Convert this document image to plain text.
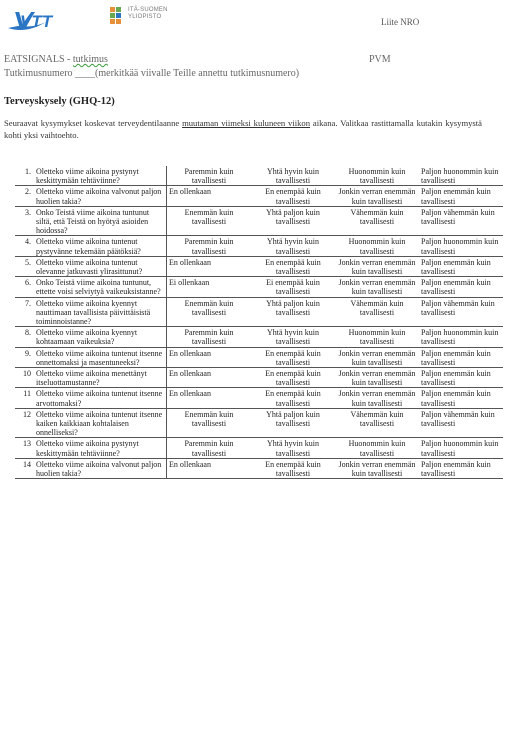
VTT
ITÄ-SUOMEN YLIOPISTO	Liite NRO
EATSIGNALS - tutkimus	PVM
Tutkimusnumero ____(merkitkää viivalle Teille annettu tutkimusnumero)
Terveyskysely (GHQ-12)
Seuraavat kysymykset koskevat terveydentilaanne muutaman viimeksi kuluneen viikon aikana. Valitkaa rastittamalla kutakin kysymystä kohti yksi vaihtoehto.
1.	Oletteko viime aikoina pystynyt keskittymään tehtäviinne?	Paremmin kuin tavallisesti	Yhtä hyvin kuin tavallisesti	Huonommin kuin tavallisesti	Paljon huonommin kuin tavallisesti
2.	Oletteko viime aikoina valvonut paljon huolien takia?	En ollenkaan	En enempää kuin tavallisesti	Jonkin verran enemmän kuin tavallisesti	Paljon enemmän kuin tavallisesti
3.	Onko Teistä viime aikoina tuntunut siltä, että Teistä on hyötyä asioiden hoidossa?	Enemmän kuin tavallisesti	Yhtä paljon kuin tavallisesti	Vähemmän kuin tavallisesti	Paljon vähemmän kuin tavallisesti
4.	Oletteko viime aikoina tuntenut pystyvänne tekemään päätöksiä?	Paremmin kuin tavallisesti	Yhtä hyvin kuin tavallisesti	Huonommin kuin tavallisesti	Paljon huonommin kuin tavallisesti
5.	Oletteko viime aikoina tuntenut olevanne jatkuvasti ylirasittunut?	En ollenkaan	En enempää kuin tavallisesti	Jonkin verran enemmän kuin tavallisesti	Paljon enemmän kuin tavallisesti
6.	Onko Teistä viime aikoina tuntunut, ettette voisi selviytyä vaikeuksistanne?	Ei ollenkaan	Ei enempää kuin tavallisesti	Jonkin verran enemmän kuin tavallisesti	Paljon enemmän kuin tavallisesti
7.	Oletteko viime aikoina kyennyt nauttimaan tavallisista päivittäisistä toiminnoistanne?	Enemmän kuin tavallisesti	Yhtä paljon kuin tavallisesti	Vähemmän kuin tavallisesti	Paljon vähemmän kuin tavallisesti
8.	Oletteko viime aikoina kyennyt kohtaamaan vaikeuksia?	Paremmin kuin tavallisesti	Yhtä hyvin kuin tavallisesti	Huonommin kuin tavallisesti	Paljon huonommin kuin tavallisesti
9.	Oletteko viime aikoina tuntenut itsenne onnettomaksi ja masentuneeksi?	En ollenkaan	En enempää kuin tavallisesti	Jonkin verran enemmän kuin tavallisesti	Paljon enemmän kuin tavallisesti
10	Oletteko viime aikoina menettänyt itseluottamustanne?	En ollenkaan	En enempää kuin tavallisesti	Jonkin verran enemmän kuin tavallisesti	Paljon enemmän kuin tavallisesti
11	Oletteko viime aikoina tuntenut itsenne arvottomaksi?	En ollenkaan	En enempää kuin tavallisesti	Jonkin verran enemmän kuin tavallisesti	Paljon enemmän kuin tavallisesti
12	Oletteko viime aikoina tuntenut itsenne kaiken kaikkiaan kohtalaisen onnelliseksi?	Enemmän kuin tavallisesti	Yhtä paljon kuin tavallisesti	Vähemmän kuin tavallisesti	Paljon vähemmän kuin tavallisesti
13	Oletteko viime aikoina pystynyt keskittymään tehtäviinne?	Paremmin kuin tavallisesti	Yhtä hyvin kuin tavallisesti	Huonommin kuin tavallisesti	Paljon huonommin kuin tavallisesti
14	Oletteko viime aikoina valvonut paljon huolien takia?	En ollenkaan	En enempää kuin tavallisesti	Jonkin verran enemmän kuin tavallisesti	Paljon enemmän kuin tavallisesti
